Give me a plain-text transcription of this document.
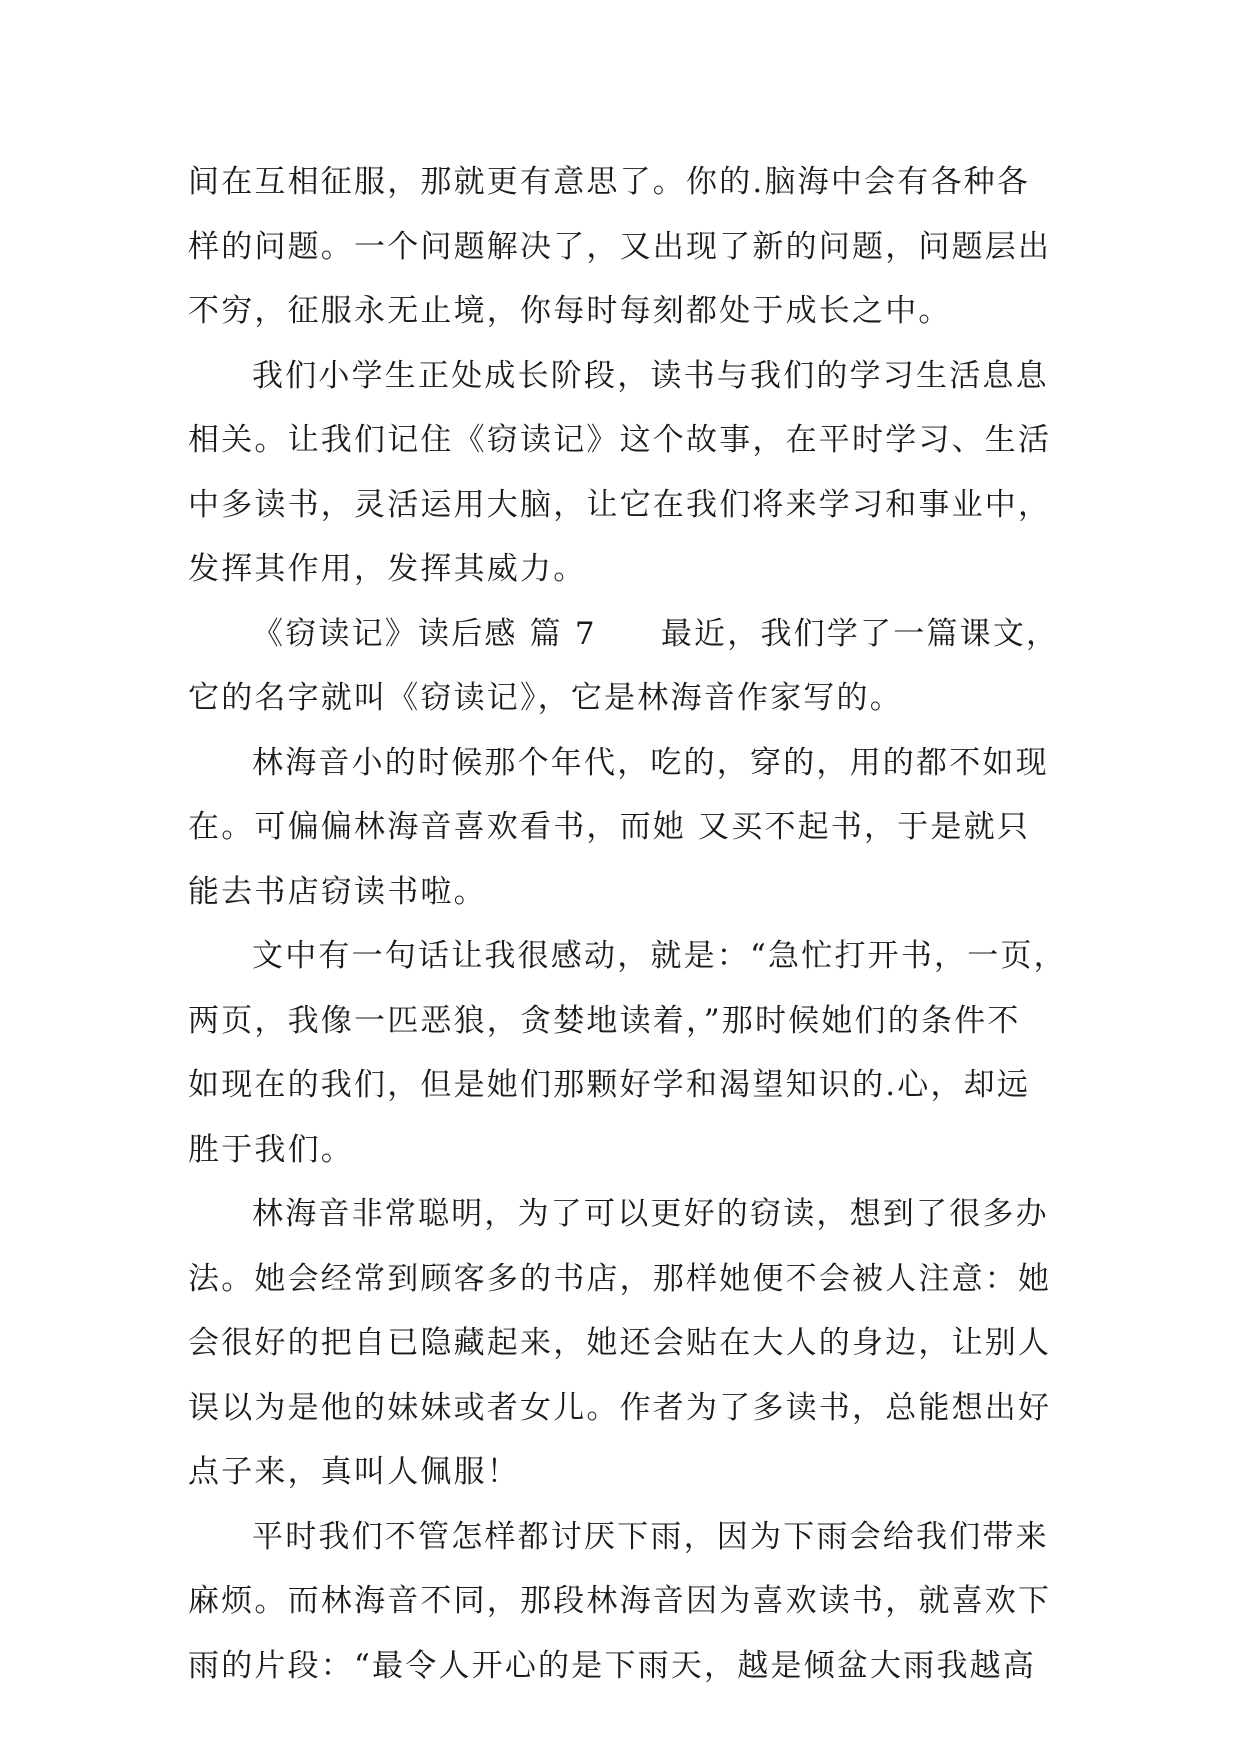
间在互相征服，那就更有意思了。你的.脑海中会有各种各
样的问题。一个问题解决了，又出现了新的问题，问题层出
不穷，征服永无止境，你每时每刻都处于成长之中。
我们小学生正处成长阶段，读书与我们的学习生活息息
相关。让我们记住《窃读记》这个故事，在平时学习、生活
中多读书，灵活运用大脑，让它在我们将来学习和事业中，
发挥其作用，发挥其威力。
《窃读记》读后感 篇 7 最近，我们学了一篇课文，
它的名字就叫《窃读记》，它是林海音作家写的。
林海音小的时候那个年代，吃的，穿的，用的都不如现
在。可偏偏林海音喜欢看书，而她 又买不起书，于是就只
能去书店窃读书啦。
文中有一句话让我很感动，就是：“急忙打开书，一页，
两页，我像一匹恶狼，贪婪地读着，”那时候她们的条件不
如现在的我们，但是她们那颗好学和渴望知识的.心，却远
胜于我们。
林海音非常聪明，为了可以更好的窃读，想到了很多办
法。她会经常到顾客多的书店，那样她便不会被人注意：她
会很好的把自已隐藏起来，她还会贴在大人的身边，让别人
误以为是他的妹妹或者女儿。作者为了多读书，总能想出好
点子来，真叫人佩服！
平时我们不管怎样都讨厌下雨，因为下雨会给我们带来
麻烦。而林海音不同，那段林海音因为喜欢读书，就喜欢下
雨的片段：“最令人开心的是下雨天，越是倾盆大雨我越高
